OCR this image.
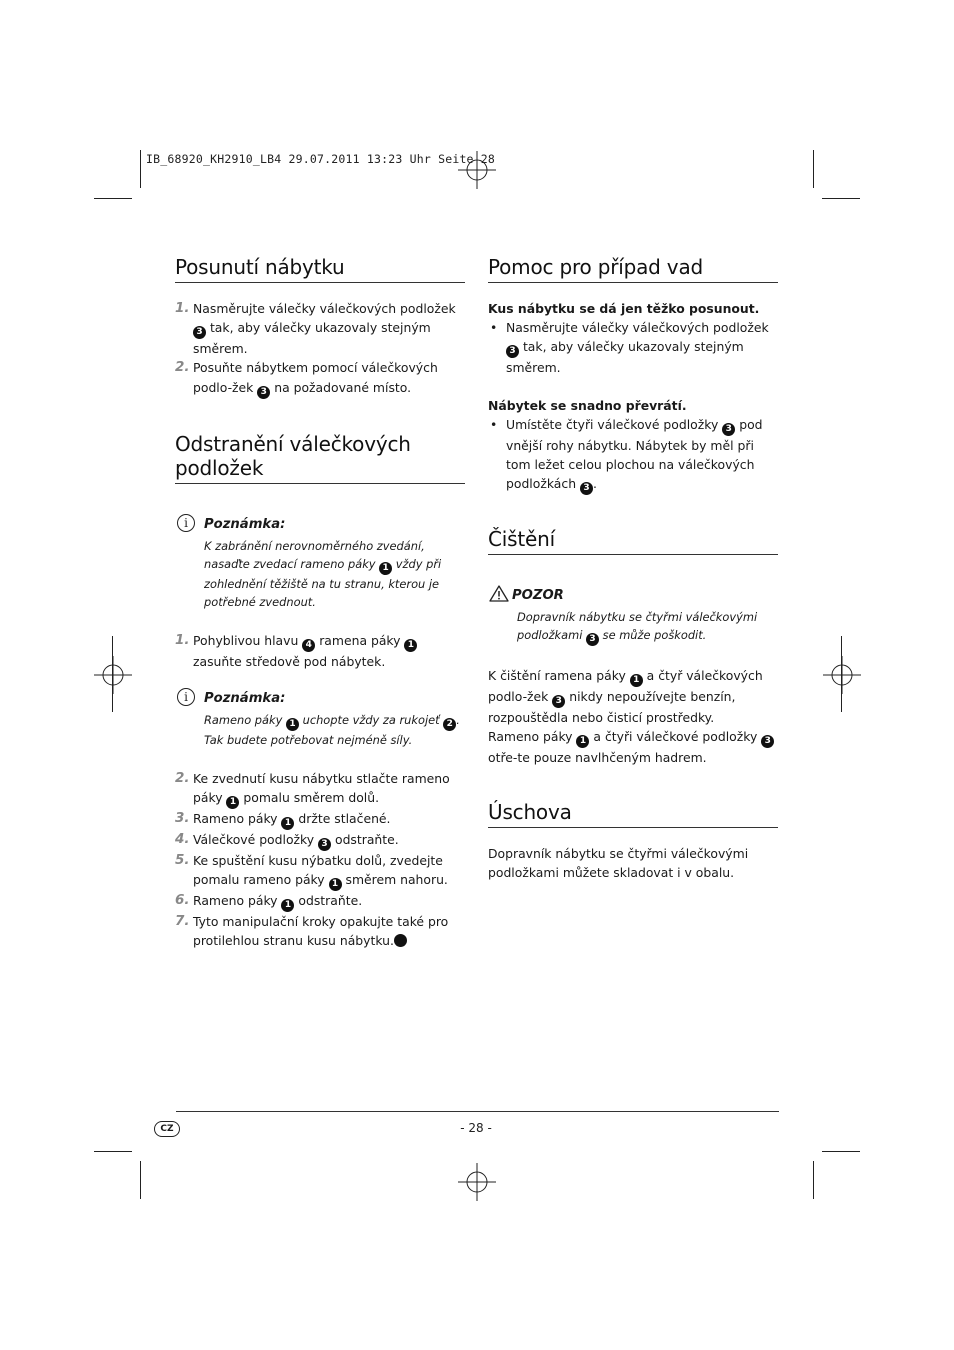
IB_68920_KH2910_LB4 29.07.2011 13:23 Uhr Seite 28
Posunutí nábytku
1. Nasměrujte válečky válečkových podložek 3 tak, aby válečky ukazovaly stejným směrem.
2. Posuňte nábytkem pomocí válečkových podlo-žek 3 na požadované místo.
Odstranění válečkových podložek
i	Poznámka:

K zabránění nerovnoměrného zvedání, nasaďte zvedací rameno páky 1 vždy při zohlednění těžiště na tu stranu, kterou je potřebné zvednout.

1. Pohyblivou hlavu 4 ramena páky 1 zasuňte středově pod nábytek.
i	Poznámka:

Rameno páky 1 uchopte vždy za rukojeť 2 . Tak budete potřebovat nejméně síly.

2. Ke zvednutí kusu nábytku stlačte rameno páky 1 pomalu směrem dolů.
3. Rameno páky 1 držte stlačené.
4. Válečkové podložky 3 odstraňte.
5. Ke spuštění kusu nýbatku dolů, zvedejte pomalu rameno páky 1 směrem nahoru.
6. Rameno páky 1 odstraňte.
7. Tyto manipulační kroky opakujte také pro protilehlou stranu kusu nábytku.
Pomoc pro případ vad

Kus nábytku se dá jen těžko posunout.

• Nasměrujte válečky válečkových podložek 3 tak, aby válečky ukazovaly stejným směrem.

Nábytek se snadno převrátí.

• Umístěte čtyři válečkové podložky 3 pod vnější rohy nábytku. Nábytek by měl při tom ležet celou plochou na válečkových podložkách 3 .
Čištění
POZOR

Dopravník nábytku se čtyřmi válečkovými podložkami 3 se může poškodit.

K čištění ramena páky 1 a čtyř válečkových podlo-žek 3 nikdy nepoužívejte benzín, rozpouštědla nebo čisticí prostředky.

Rameno páky 1 a čtyři válečkové podložky 3 otře-te pouze navlhčeným hadrem.

Úschova

Dopravník nábytku se čtyřmi válečkovými podložkami můžete skladovat i v obalu.

CZ	- 28 -
